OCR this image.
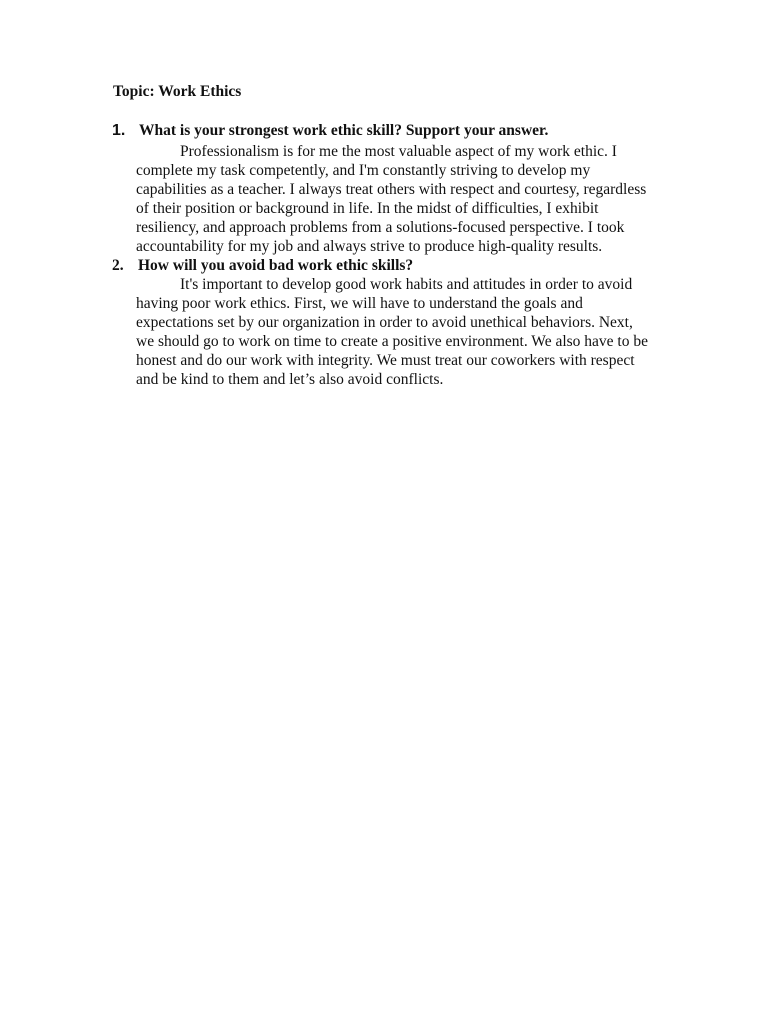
Topic: Work Ethics
1. What is your strongest work ethic skill? Support your answer.
Professionalism is for me the most valuable aspect of my work ethic. I
complete my task competently, and I'm constantly striving to develop my
capabilities as a teacher. I always treat others with respect and courtesy, regardless
of their position or background in life. In the midst of difficulties, I exhibit
resiliency, and approach problems from a solutions-focused perspective. I took
accountability for my job and always strive to produce high-quality results.
2. How will you avoid bad work ethic skills?
It's important to develop good work habits and attitudes in order to avoid
having poor work ethics. First, we will have to understand the goals and
expectations set by our organization in order to avoid unethical behaviors. Next,
we should go to work on time to create a positive environment. We also have to be
honest and do our work with integrity. We must treat our coworkers with respect
and be kind to them and let’s also avoid conflicts.
